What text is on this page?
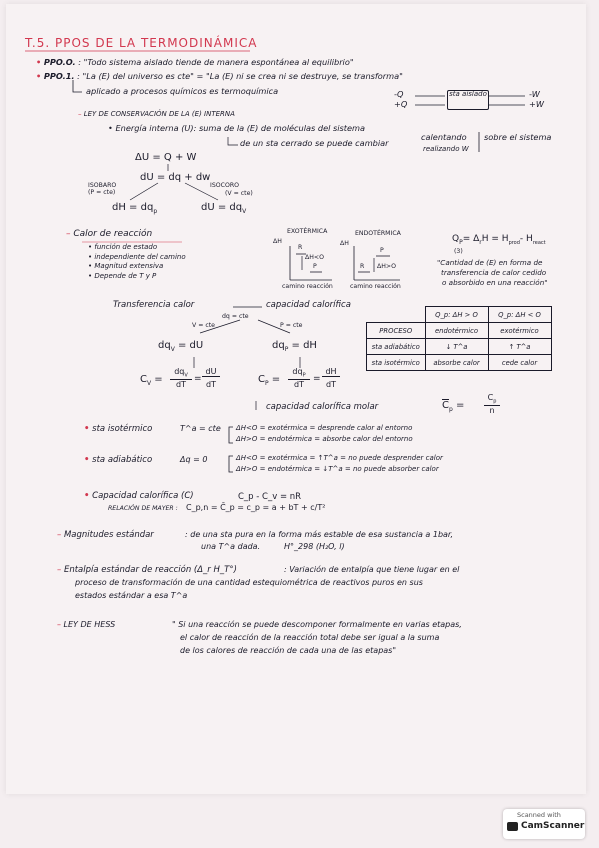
T.5. PPOS DE LA TERMODINÁMICA
• PPO.O. : "Todo sistema aislado tiende de manera espontánea al equilibrio"
• PPO.1. : "La (E) del universo es cte" = "La (E) ni se crea ni se destruye, se transforma"
aplicado a procesos químicos es termoquímica	-Q
+Q
sta aislado	-W
+W
– LEY DE CONSERVACIÓN DE LA (E) INTERNA
• Energía interna (U): suma de la (E) de moléculas del sistema
de un sta cerrado se puede cambiar
calentando
realizando W
sobre el sistema
ΔU = Q + W
dU = dq + dw
ISOBARO
(P = cte)
ISOCORO
(V = cte)
dH = $dq_p$	dU = $dq_V$
– Calor de reacción
• función de estado
• independiente del camino
• Magnitud extensiva
• Depende de T y P
EXOTÉRMICA	ENDOTÉRMICA
ΔH	ΔH
R
P
ΔH<O
R
P
ΔH>O
camino reacción	camino reacción
$Q_P= \Delta_rH = H_{prod}-$ $H_{react}$
(3)
"Cantidad de (E) en forma de
transferencia de calor cedido
o absorbido en una reacción"
Transferencia calor	capacidad calorífica
dq = cte
V = cte	P = cte
$dq_V$ = dU	$dq_P$ = dH
$C_V$ =
$dq_V$
dT
=
dU
dT	$C_P$ =
$dq_P$
dT
=
dH
dT
capacidad calorífica molar	$\overline{C}_p$ =
$C_p$
n
	Q_p: ΔH > O	Q_p: ΔH < O
PROCESO	endotérmico	exotérmico
sta adiabático	↓ T^a	↑ T^a
sta isotérmico	absorbe calor	cede calor
• sta isotérmico	T^a = cte ΔH<O = exotérmica = desprende calor al entorno
ΔH>O = endotérmica = absorbe calor del entorno
• sta adiabático	Δq = 0	ΔH<O = exotérmica = ↑T^a = no puede desprender calor
ΔH>O = endotérmica = ↓T^a = no puede absorber calor
• Capacidad calorífica (C)	C_p - C_v = nR
RELACIÓN DE MAYER : C_p,n = C̄_p = c_p = a + bT + c/T²
– Magnitudes estándar	: de una sta pura en la forma más estable de esa sustancia a 1bar,
una T^a dada.	H°_298 (H₂O, l)
– Entalpía estándar de reacción (Δ_r H_T°)	: Variación de entalpía que tiene lugar en el
proceso de transformación de una cantidad estequiométrica de reactivos puros en sus
estados estándar a esa T^a
– LEY DE HESS	" Si una reacción se puede descomponer formalmente en varias etapas,
el calor de reacción de la reacción total debe ser igual a la suma
de los calores de reacción de cada una de las etapas"
Scanned with
CamScanner
